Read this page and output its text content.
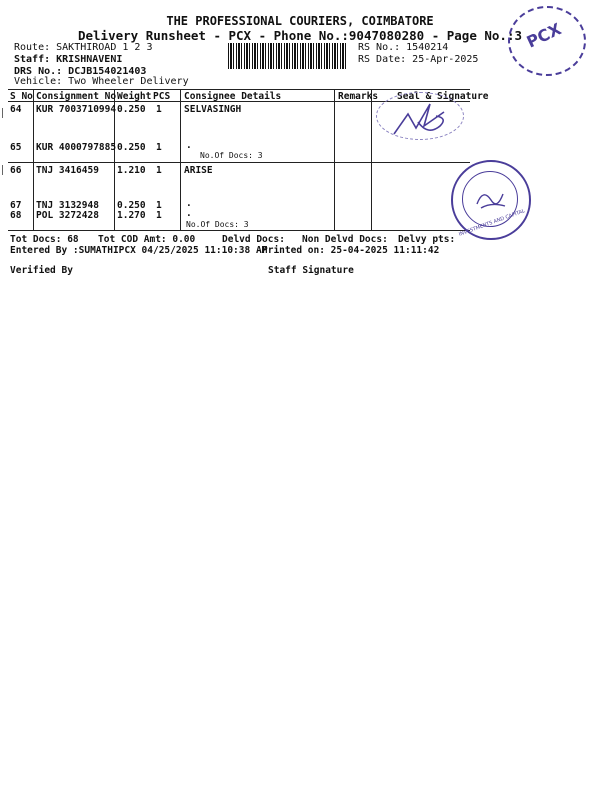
THE PROFESSIONAL COURIERS, COIMBATORE
Delivery Runsheet - PCX - Phone No.:9047080280 - Page No.:3
Route: SAKTHIROAD 1 2 3
Staff: KRISHNAVENI
DRS No.: DCJB154021403
Vehicle: Two Wheeler Delivery
RS No.: 1540214
RS Date: 25-Apr-2025
S No Consignment No Weight PCS Consignee Details	Remarks Seal & Signature
64 KUR 7003710994 0.250 1 SELVASINGH
65 KUR 4000797885 0.250 1	.
No.Of Docs: 3
66 TNJ 3416459 1.210 1 ARISE
67 TNJ 3132948 0.250 1	.
68 POL 3272428 1.270 1	.
No.Of Docs: 3
Tot Docs: 68 Tot COD Amt: 0.00	Delvd Docs: Non Delvd Docs: Delvy pts:
Entered By :SUMATHIPCX 04/25/2025 11:10:38 AM
Printed on: 25-04-2025 11:11:42
Verified By	Staff Signature
PCX
INVESTMENTS AND CAPITAL
